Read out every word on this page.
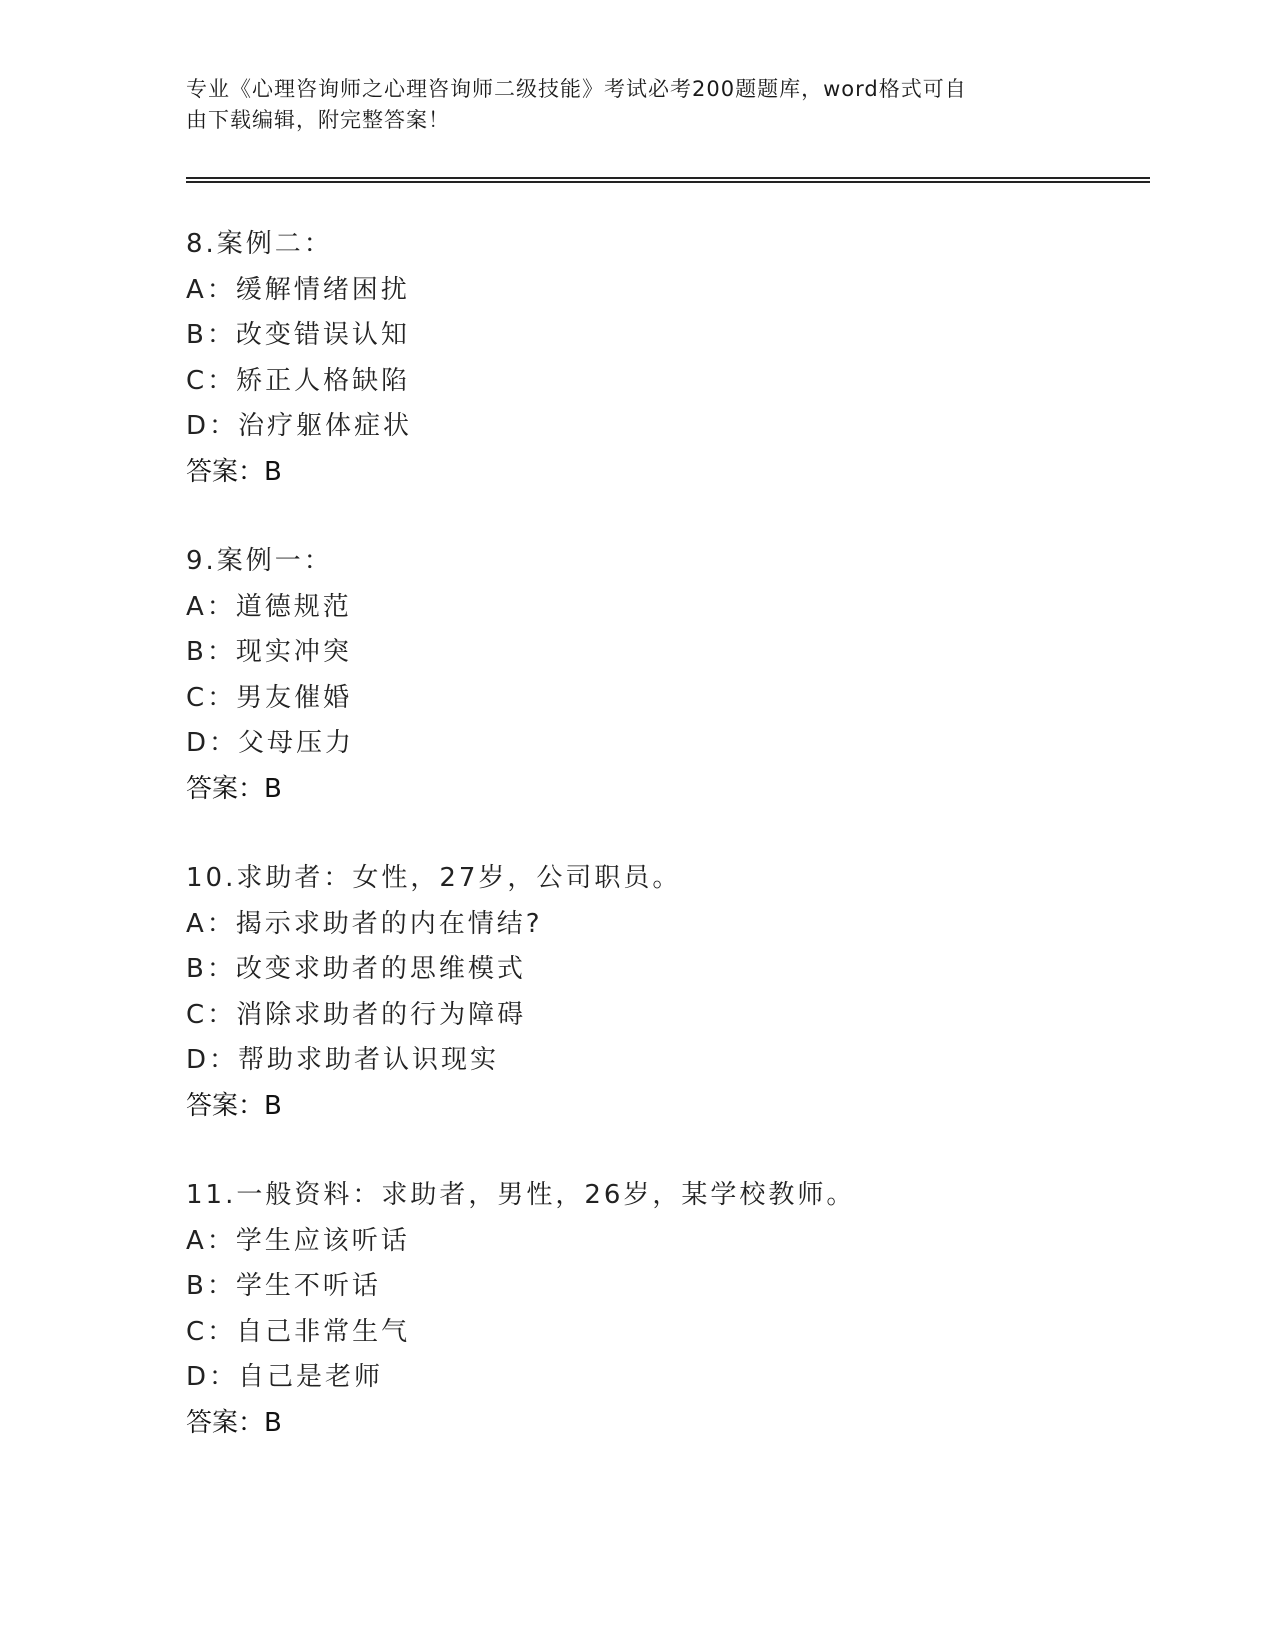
专业《心理咨询师之心理咨询师二级技能》考试必考200题题库，word格式可自

由下载编辑，附完整答案！

8.案例二：
A：缓解情绪困扰
B：改变错误认知
C：矫正人格缺陷
D：治疗躯体症状
答案：B
9.案例一：
A：道德规范
B：现实冲突
C：男友催婚
D：父母压力
答案：B
10.求助者：女性，27岁，公司职员。
A：揭示求助者的内在情结?
B：改变求助者的思维模式
C：消除求助者的行为障碍
D：帮助求助者认识现实
答案：B
11.一般资料：求助者，男性，26岁，某学校教师。
A：学生应该听话
B：学生不听话
C：自己非常生气
D：自己是老师
答案：B
